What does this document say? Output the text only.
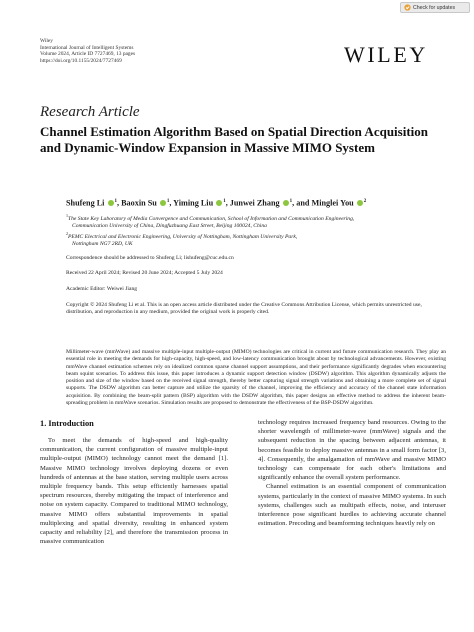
Check for updates
Wiley
International Journal of Intelligent Systems
Volume 2024, Article ID 7727469, 13 pages
https://doi.org/10.1155/2024/7727469	WILEY
Research Article
Channel Estimation Algorithm Based on Spatial Direction Acquisition and Dynamic-Window Expansion in Massive MIMO System
Shufeng Li $^1$, Baoxin Su $^1$, Yiming Liu $^1$, Junwei Zhang $^1$, and Minglei You $^2$
$^1$The State Key Laboratory of Media Convergence and Communication, School of Information and Communication Engineering,
Communication University of China, Dingfuzhuang East Street, Beijing 100024, China
$^2$PEMC Electrical and Electronic Engineering, University of Nottingham, Nottingham University Park,
Nottingham NG7 2RD, UK
Correspondence should be addressed to Shufeng Li; lishufeng@cuc.edu.cn
Received 22 April 2024; Revised 20 June 2024; Accepted 5 July 2024
Academic Editor: Weiwei Jiang
Copyright © 2024 Shufeng Li et al. This is an open access article distributed under the Creative Commons Attribution License, which permits unrestricted use, distribution, and reproduction in any medium, provided the original work is properly cited.
Millimeter-wave (mmWave) and massive multiple-input multiple-output (MIMO) technologies are critical in current and future communication research. They play an essential role in meeting the demands for high-capacity, high-speed, and low-latency communication brought about by technological advancements. However, existing mmWave channel estimation schemes rely on idealized common sparse channel support assumptions, and their performance significantly degrades when encountering beam squint scenarios. To address this issue, this paper introduces a dynamic support detection window (DSDW) algorithm. This algorithm dynamically adjusts the position and size of the window based on the received signal strength, thereby better capturing signal strength variations and obtaining a more complete set of signal supports. The DSDW algorithm can better capture and utilize the sparsity of the channel, improving the efficiency and accuracy of the channel state information acquisition. By combining the beam-split pattern (BSP) algorithm with the DSDW algorithm, this paper designs an effective method to address the inherent beam-spreading problem in mmWave scenarios. Simulation results are proposed to demonstrate the effectiveness of the BSP-DSDW algorithm.
1. Introduction

To meet the demands of high-speed and high-quality communication, the current configuration of massive multiple-input multiple-output (MIMO) technology cannot meet the demand [1]. Massive MIMO technology involves deploying dozens or even hundreds of antennas at the base station, serving multiple users across multiple frequency bands. This setup efficiently harnesses spatial spectrum resources, thereby mitigating the impact of interference and noise on system capacity. Compared to traditional MIMO technology, massive MIMO offers substantial improvements in spatial multiplexing and spatial diversity, resulting in enhanced system capacity and reliability [2], and therefore the transmission process in massive communication

technology requires increased frequency band resources. Owing to the shorter wavelength of millimeter-wave (mmWave) signals and the subsequent reduction in the spacing between adjacent antennas, it becomes feasible to deploy massive antennas in a small form factor [3, 4]. Consequently, the amalgamation of mmWave and massive MIMO technology can compensate for each other's limitations and significantly enhance the overall system performance.

Channel estimation is an essential component of communication systems, particularly in the context of massive MIMO systems. In such systems, challenges such as multipath effects, noise, and interuser interference pose significant hurdles to achieving accurate channel estimation. Precoding and beamforming techniques heavily rely on
